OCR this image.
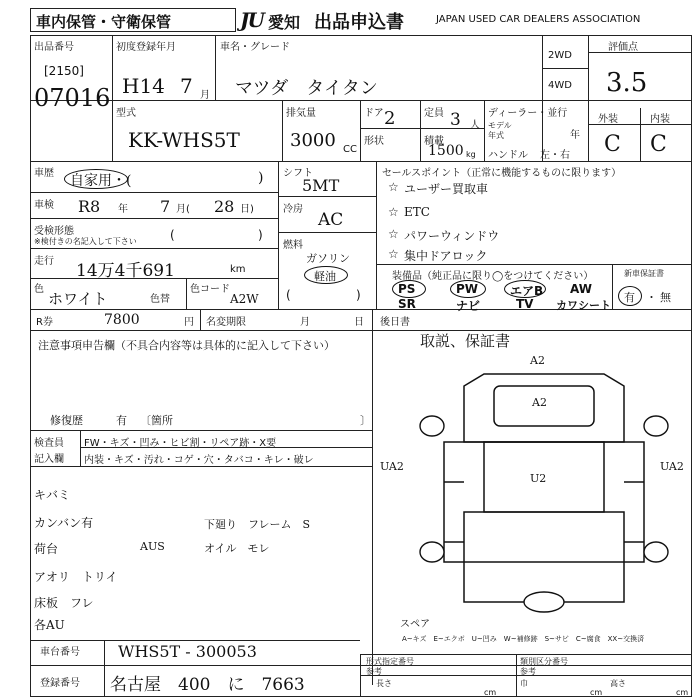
車内保管・守衛保管	JU 愛知 出品申込書	JAPAN USED CAR DEALERS ASSOCIATION
出品番号
[2150]
07016
初度登録年月
H14 7 月
車名・グレード
マツダ　タイタン
2WD
4WD
評価点
3.5
外装	内装
C C
型式
KK-WHS5T
排気量
3000 CC
ドア 2
形状
定員 3 人
積載
1500 kg
ディーラー・並行
モデル
年式	年
ハンドル 左・右
車歴 自家用・(	)
車検 R8 年 7 月( 28 日)
受検形態
※検付きの名記入して下さい	(	)
走行 14万4千691	km
色
ホワイト	色替
色コード
A2W
シフト
5MT
冷房
AC
燃料
ガソリン
軽油
(	)
セールスポイント（正常に機能するものに限ります）
☆ ユーザー買取車
☆ ETC
☆ パワーウィンドウ
☆ 集中ドアロック
装備品（純正品に限り◯をつけてください）
PS	PW	エアB AW
SR	ナビ	TV カワシート
新車保証書
有 ・ 無
R券	7800	円 名変期限	月	日
注意事項申告欄（不具合内容等は具体的に記入して下さい）
修復歴	有 〔箇所	〕
検査員
記入欄
FW・キズ・凹み・ヒビ割・リペア跡・X要
内装・キズ・汚れ・コゲ・穴・タバコ・キレ・破レ
キバミ
カンバン有
荷台
アオリ　トリイ
床板　フレ
各AU
下廻り　フレーム　S
オイル　モレ
AUS
後日書
取説、保証書
A2
A2
U2
UA2	UA2
スペア
A~キズ　E~エクボ　U~凹み　W~補修跡　S~サビ　C~腐食　XX~交換済
車台番号 WHS5T - 300053
登録番号 名古屋　400　に　7663
形式指定番号
参考
類別区分番号
参考
長さ
cm
巾
cm
高さ
cm
